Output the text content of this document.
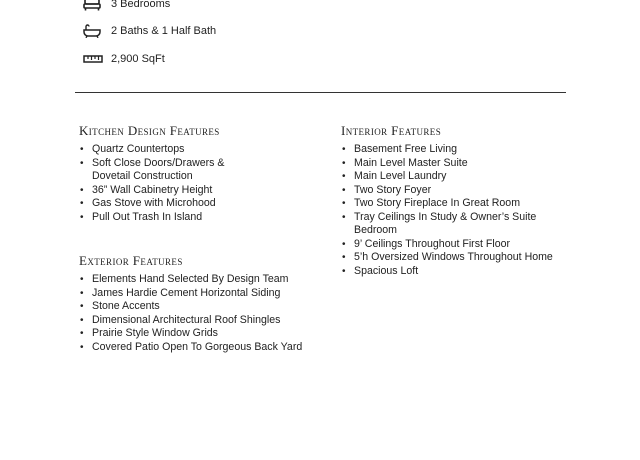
3 Bedrooms
2 Baths & 1 Half Bath
2,900 SqFt
Kitchen Design Features
• Quartz Countertops
• Soft Close Doors/Drawers & Dovetail Construction
• 36” Wall Cabinetry Height
• Gas Stove with Microhood
• Pull Out Trash In Island
Exterior Features
• Elements Hand Selected By Design Team
• James Hardie Cement Horizontal Siding
• Stone Accents
• Dimensional Architectural Roof Shingles
• Prairie Style Window Grids
• Covered Patio Open To Gorgeous Back Yard
Interior Features
• Basement Free Living
• Main Level Master Suite
• Main Level Laundry
• Two Story Foyer
• Two Story Fireplace In Great Room
• Tray Ceilings In Study & Owner’s Suite Bedroom
• 9’ Ceilings Throughout First Floor
• 5’h Oversized Windows Throughout Home
• Spacious Loft
